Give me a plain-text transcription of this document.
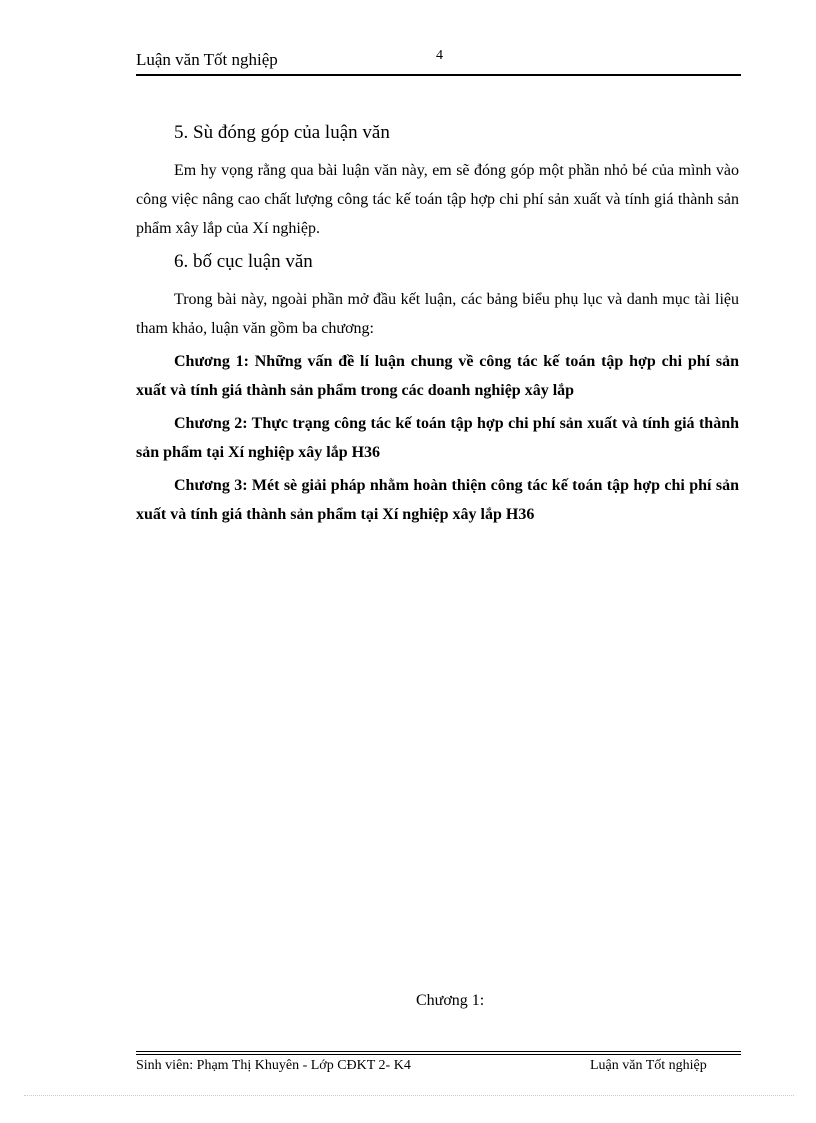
Luận văn Tốt nghiệp	4
5. Sù đóng góp của luận văn

Em hy vọng rằng qua bài luận văn này, em sẽ đóng góp một phần nhỏ bé của mình vào công việc nâng cao chất lượng công tác kế toán tập hợp chi phí sản xuất và tính giá thành sản phẩm xây lắp của Xí nghiệp.

6. bố cục luận văn

Trong bài này, ngoài phần mở đầu kết luận, các bảng biểu phụ lục và danh mục tài liệu tham khảo, luận văn gồm ba chương:

Chương 1: Những vấn đề lí luận chung về công tác kế toán tập hợp chi phí sản xuất và tính giá thành sản phẩm trong các doanh nghiệp xây lắp

Chương 2: Thực trạng công tác kế toán tập hợp chi phí sản xuất và tính giá thành sản phẩm tại Xí nghiệp xây lắp H36

Chương 3: Mét sè giải pháp nhằm hoàn thiện công tác kế toán tập hợp chi phí sản xuất và tính giá thành sản phẩm tại Xí nghiệp xây lắp H36

Chương 1:
Sinh viên: Phạm Thị Khuyên - Lớp CĐKT 2- K4	Luận văn Tốt nghiệp
